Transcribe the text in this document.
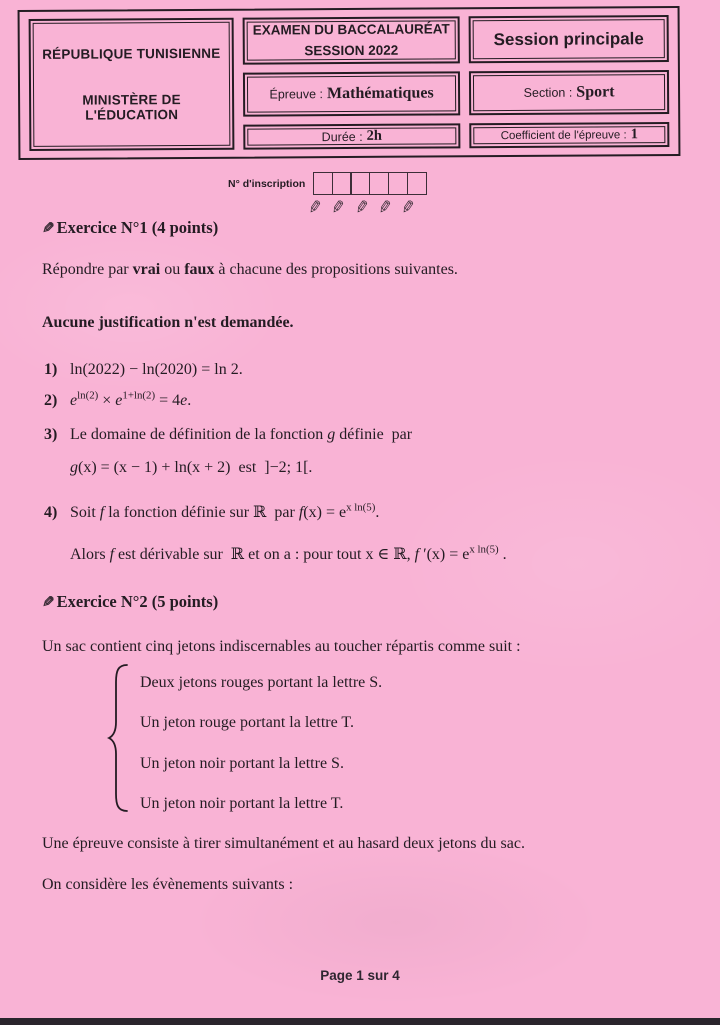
RÉPUBLIQUE TUNISIENNE
MINISTÈRE DE L'ÉDUCATION
EXAMEN DU BACCALAURÉAT
SESSION 2022
Épreuve : Mathématiques
Durée : 2h
Session principale
Section : Sport
Coefficient de l'épreuve : 1
N° d'inscription
✎ ✎ ✎ ✎ ✎
✎ Exercice N°1 (4 points)
Répondre par vrai ou faux à chacune des propositions suivantes.
Aucune justification n'est demandée.
1) ln(2022) − ln(2020) = ln 2.
2) $e^{ln(2)} \times e^{1+ln(2)} = 4e$.
3) Le domaine de définition de la fonction g définie  par
g(x) = (x − 1) + ln(x + 2)  est  ]−2; 1[.
4) Soit f la fonction définie sur ℝ  par $f(x) = e^{x ln(5)}$.
Alors f est dérivable sur  ℝ et on a : pour tout x ∈ ℝ, f $'(x) = e^{x ln(5)}$ .
✎ Exercice N°2 (5 points)
Un sac contient cinq jetons indiscernables au toucher répartis comme suit :
Deux jetons rouges portant la lettre S.
Un jeton rouge portant la lettre T.
Un jeton noir portant la lettre S.
Un jeton noir portant la lettre T.
Une épreuve consiste à tirer simultanément et au hasard deux jetons du sac.
On considère les évènements suivants :
Page 1 sur 4
